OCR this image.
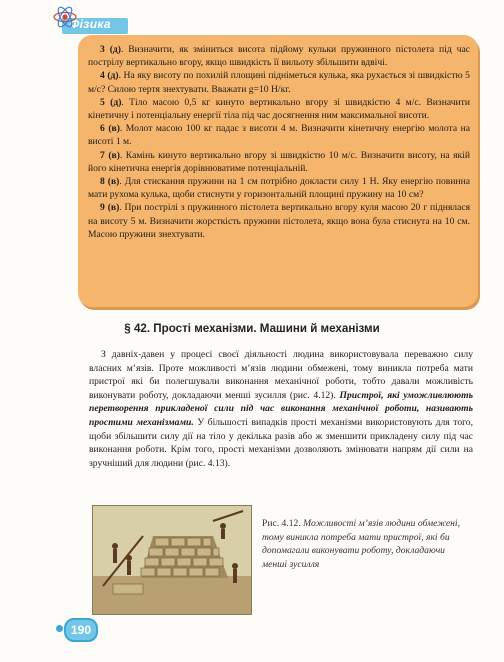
Фізика

3 (д). Визначити, як зміниться висота підйому кульки пружинного пістолета під час пострілу вертикально вгору, якщо швидкість її вильоту збільшити вдвічі.

4 (д). На яку висоту по похилій площині підніметься кулька, яка рухається зі швидкістю 5 м/с? Силою тертя знехтувати. Вважати g=10 Н/кг.

5 (д). Тіло масою 0,5 кг кинуто вертикально вгору зі швидкістю 4 м/с. Визначити кінетичну і потенціальну енергії тіла під час досягнення ним максимальної висоти.

6 (в). Молот масою 100 кг падає з висоти 4 м. Визначити кінетичну енергію молота на висоті 1 м.

7 (в). Камінь кинуто вертикально вгору зі швидкістю 10 м/с. Визначити висоту, на якій його кінетична енергія дорівнюватиме потенціальній.

8 (в). Для стискання пружини на 1 см потрібно докласти силу 1 Н. Яку енергію повинна мати рухома кулька, щоби стиснути у горизонтальній площині пружину на 10 см?

9 (в). При пострілі з пружинного пістолета вертикально вгору куля масою 20 г піднялася на висоту 5 м. Визначити жорсткість пружини пістолета, якщо вона була стиснута на 10 см. Масою пружини знехтувати.

§ 42. Прості механізми. Машини й механізми

З давніх-давен у процесі своєї діяльності людина використовувала переважно силу власних м’язів. Проте можливості м’язів людини обмежені, тому виникла потреба мати пристрої які би полегшували виконання механічної роботи, тобто давали можливість виконувати роботу, докладаючи менші зусилля (рис. 4.12). Пристрої, які уможливлюють перетворення прикладеної сили під час виконання механічної роботи, називають простими механізмами. У більшості випадків прості механізми використовують для того, щоби збільшити силу дії на тіло у декілька разів або ж зменшити прикладену силу під час виконання роботи. Крім того, прості механізми дозволяють змінювати напрям дії сили на зручніший для людини (рис. 4.13).

Рис. 4.12. Можливості м’язів людини обмежені, тому виникла потреба мати пристрої, які би допомагали виконувати роботу, докладаючи менші зусилля
190
